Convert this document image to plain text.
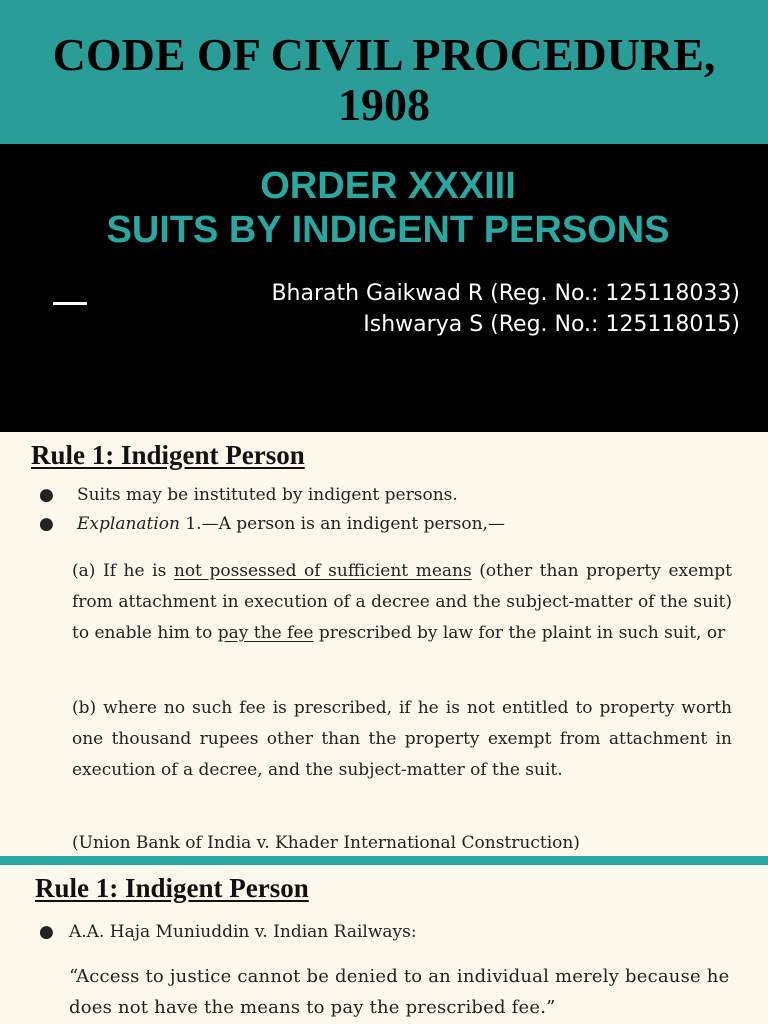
CODE OF CIVIL PROCEDURE,
1908
ORDER XXXIII
SUITS BY INDIGENT PERSONS
Bharath Gaikwad R (Reg. No.: 125118033)
Ishwarya S (Reg. No.: 125118015)
Rule 1: Indigent Person
● Suits may be instituted by indigent persons.
● Explanation 1.—A person is an indigent person,—

(a) If he is not possessed of sufficient means (other than property exempt from attachment in execution of a decree and the subject-matter of the suit) to enable him to pay the fee prescribed by law for the plaint in such suit, or

(b) where no such fee is prescribed, if he is not entitled to property worth one thousand rupees other than the property exempt from attachment in execution of a decree, and the subject-matter of the suit.

(Union Bank of India v. Khader International Construction)

Rule 1: Indigent Person
● A.A. Haja Muniuddin v. Indian Railways:

“Access to justice cannot be denied to an individual merely because he does not have the means to pay the prescribed fee.”
